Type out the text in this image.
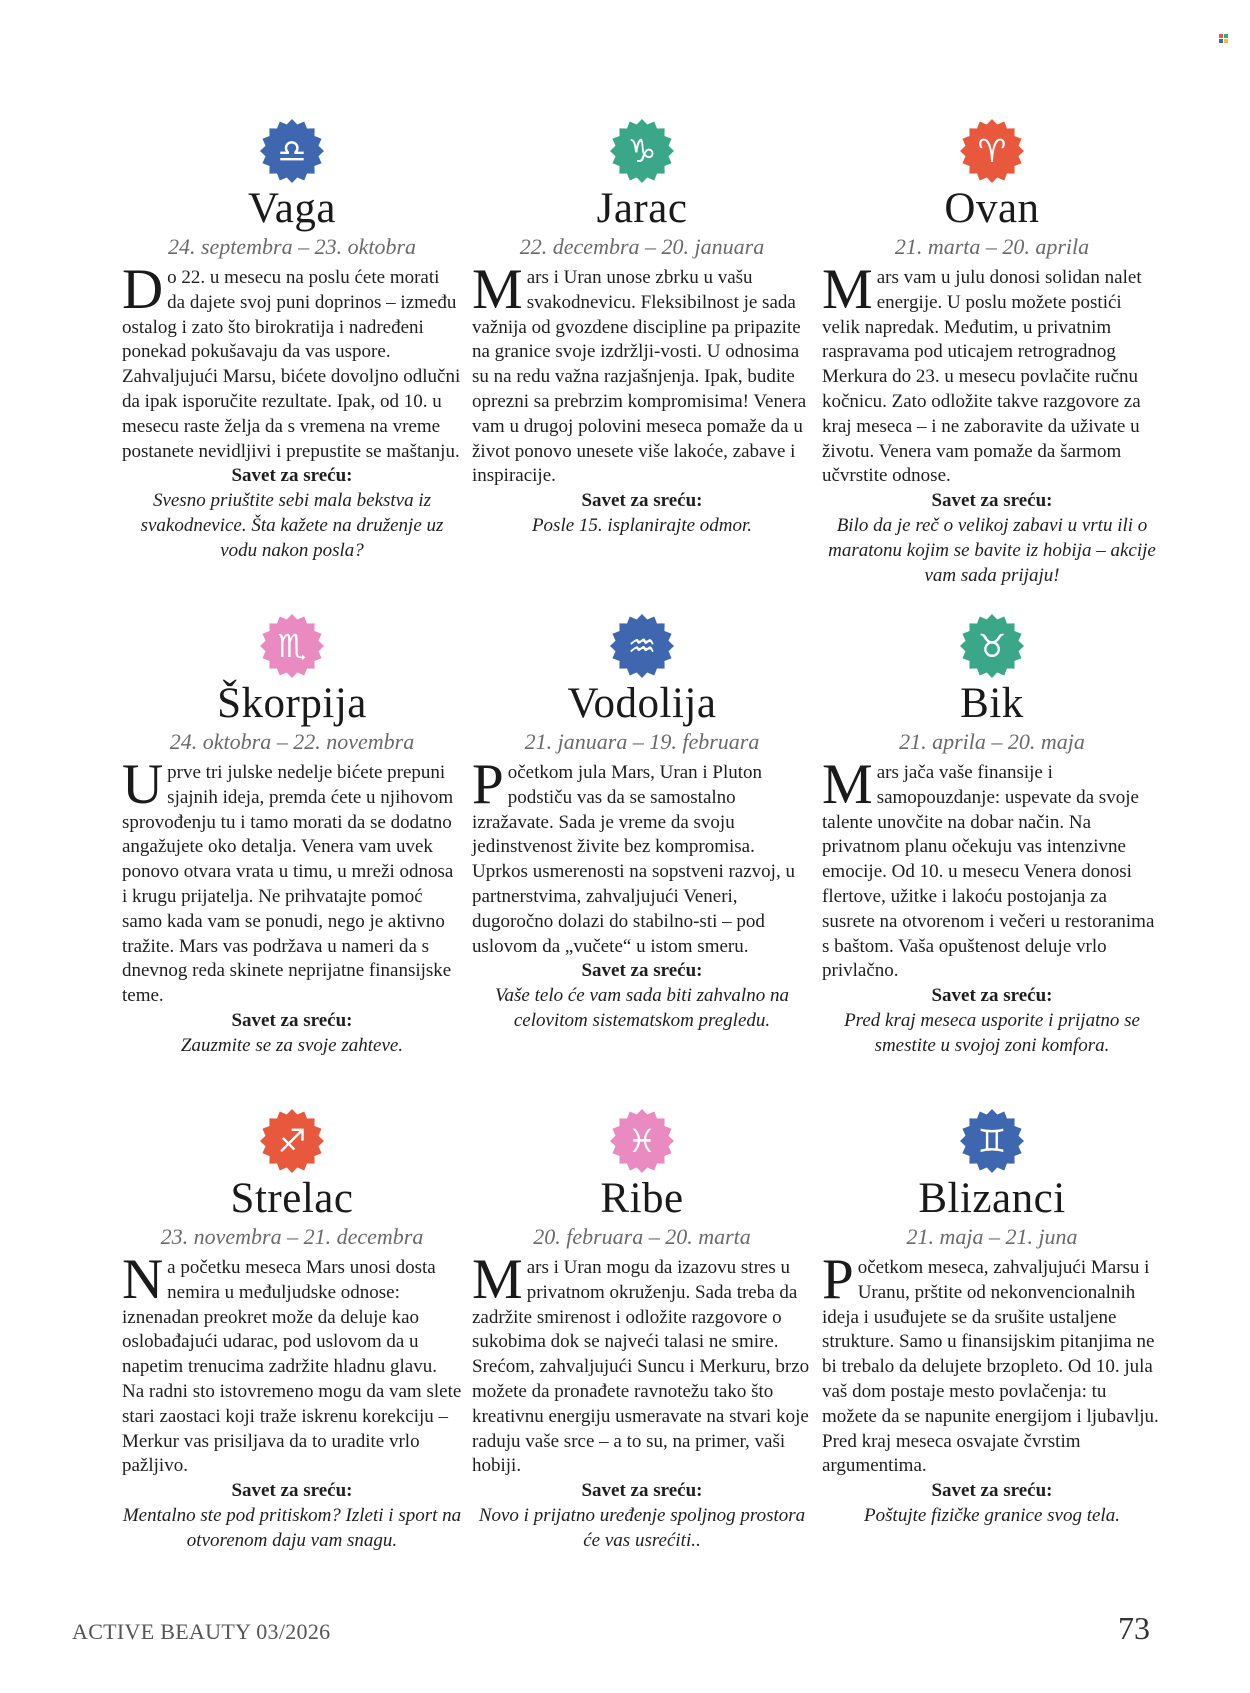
♎
Vaga
24. septembra – 23. oktobra
Do 22. u mesecu na poslu ćete morati da dajete svoj puni doprinos – između ostalog i zato što birokratija i nadređeni ponekad pokušavaju da vas uspore. Zahvaljujući Marsu, bićete dovoljno odlučni da ipak isporučite rezultate. Ipak, od 10. u mesecu raste želja da s vremena na vreme postanete nevidljivi i prepustite se maštanju.
Savet za sreću:
Svesno priuštite sebi mala bekstva iz svakodnevice. Šta kažete na druženje uz vodu nakon posla?
♑
Jarac
22. decembra – 20. januara
Mars i Uran unose zbrku u vašu svakodnevicu. Fleksibilnost je sada važnija od gvozdene discipline pa pripazite na granice svoje izdržlji-vosti. U odnosima su na redu važna razjašnjenja. Ipak, budite oprezni sa prebrzim kompromisima! Venera vam u drugoj polovini meseca pomaže da u život ponovo unesete više lakoće, zabave i inspiracije.
Savet za sreću:
Posle 15. isplanirajte odmor.
♈
Ovan
21. marta – 20. aprila
Mars vam u julu donosi solidan nalet energije. U poslu možete postići velik napredak. Međutim, u privatnim raspravama pod uticajem retrogradnog Merkura do 23. u mesecu povlačite ručnu kočnicu. Zato odložite takve razgovore za kraj meseca – i ne zaboravite da uživate u životu. Venera vam pomaže da šarmom učvrstite odnose.
Savet za sreću:
Bilo da je reč o velikoj zabavi u vrtu ili o maratonu kojim se bavite iz hobija – akcije vam sada prijaju!
♏
Škorpija
24. oktobra – 22. novembra
Uprve tri julske nedelje bićete prepuni sjajnih ideja, premda ćete u njihovom sprovođenju tu i tamo morati da se dodatno angažujete oko detalja. Venera vam uvek ponovo otvara vrata u timu, u mreži odnosa i krugu prijatelja. Ne prihvatajte pomoć samo kada vam se ponudi, nego je aktivno tražite. Mars vas podržava u nameri da s dnevnog reda skinete neprijatne finansijske teme.
Savet za sreću:
Zauzmite se za svoje zahteve.
♒
Vodolija
21. januara – 19. februara
Početkom jula Mars, Uran i Pluton podstiču vas da se samostalno izražavate. Sada je vreme da svoju jedinstvenost živite bez kompromisa. Uprkos usmerenosti na sopstveni razvoj, u partnerstvima, zahvaljujući Veneri, dugoročno dolazi do stabilno-sti – pod uslovom da „vučete“ u istom smeru.
Savet za sreću:
Vaše telo će vam sada biti zahvalno na celovitom sistematskom pregledu.
♉
Bik
21. aprila – 20. maja
Mars jača vaše finansije i samopouzdanje: uspevate da svoje talente unovčite na dobar način. Na privatnom planu očekuju vas intenzivne emocije. Od 10. u mesecu Venera donosi flertove, užitke i lakoću postojanja za susrete na otvorenom i večeri u restoranima s baštom. Vaša opuštenost deluje vrlo privlačno.
Savet za sreću:
Pred kraj meseca usporite i prijatno se smestite u svojoj zoni komfora.
♐
Strelac
23. novembra – 21. decembra
Na početku meseca Mars unosi dosta nemira u međuljudske odnose: iznenadan preokret može da deluje kao oslobađajući udarac, pod uslovom da u napetim trenucima zadržite hladnu glavu. Na radni sto istovremeno mogu da vam slete stari zaostaci koji traže iskrenu korekciju – Merkur vas prisiljava da to uradite vrlo pažljivo.
Savet za sreću:
Mentalno ste pod pritiskom? Izleti i sport na otvorenom daju vam snagu.
♓
Ribe
20. februara – 20. marta
Mars i Uran mogu da izazovu stres u privatnom okruženju. Sada treba da zadržite smirenost i odložite razgovore o sukobima dok se najveći talasi ne smire. Srećom, zahvaljujući Suncu i Merkuru, brzo možete da pronađete ravnotežu tako što kreativnu energiju usmeravate na stvari koje raduju vaše srce – a to su, na primer, vaši hobiji.
Savet za sreću:
Novo i prijatno uređenje spoljnog prostora će vas usrećiti..
♊
Blizanci
21. maja – 21. juna
Početkom meseca, zahvaljujući Marsu i Uranu, prštite od nekonvencionalnih ideja i usuđujete se da srušite ustaljene strukture. Samo u finansijskim pitanjima ne bi trebalo da delujete brzopleto. Od 10. jula vaš dom postaje mesto povlačenja: tu možete da se napunite energijom i ljubavlju. Pred kraj meseca osvajate čvrstim argumentima.
Savet za sreću:
Poštujte fizičke granice svog tela.
ACTIVE BEAUTY 03/2026	73
